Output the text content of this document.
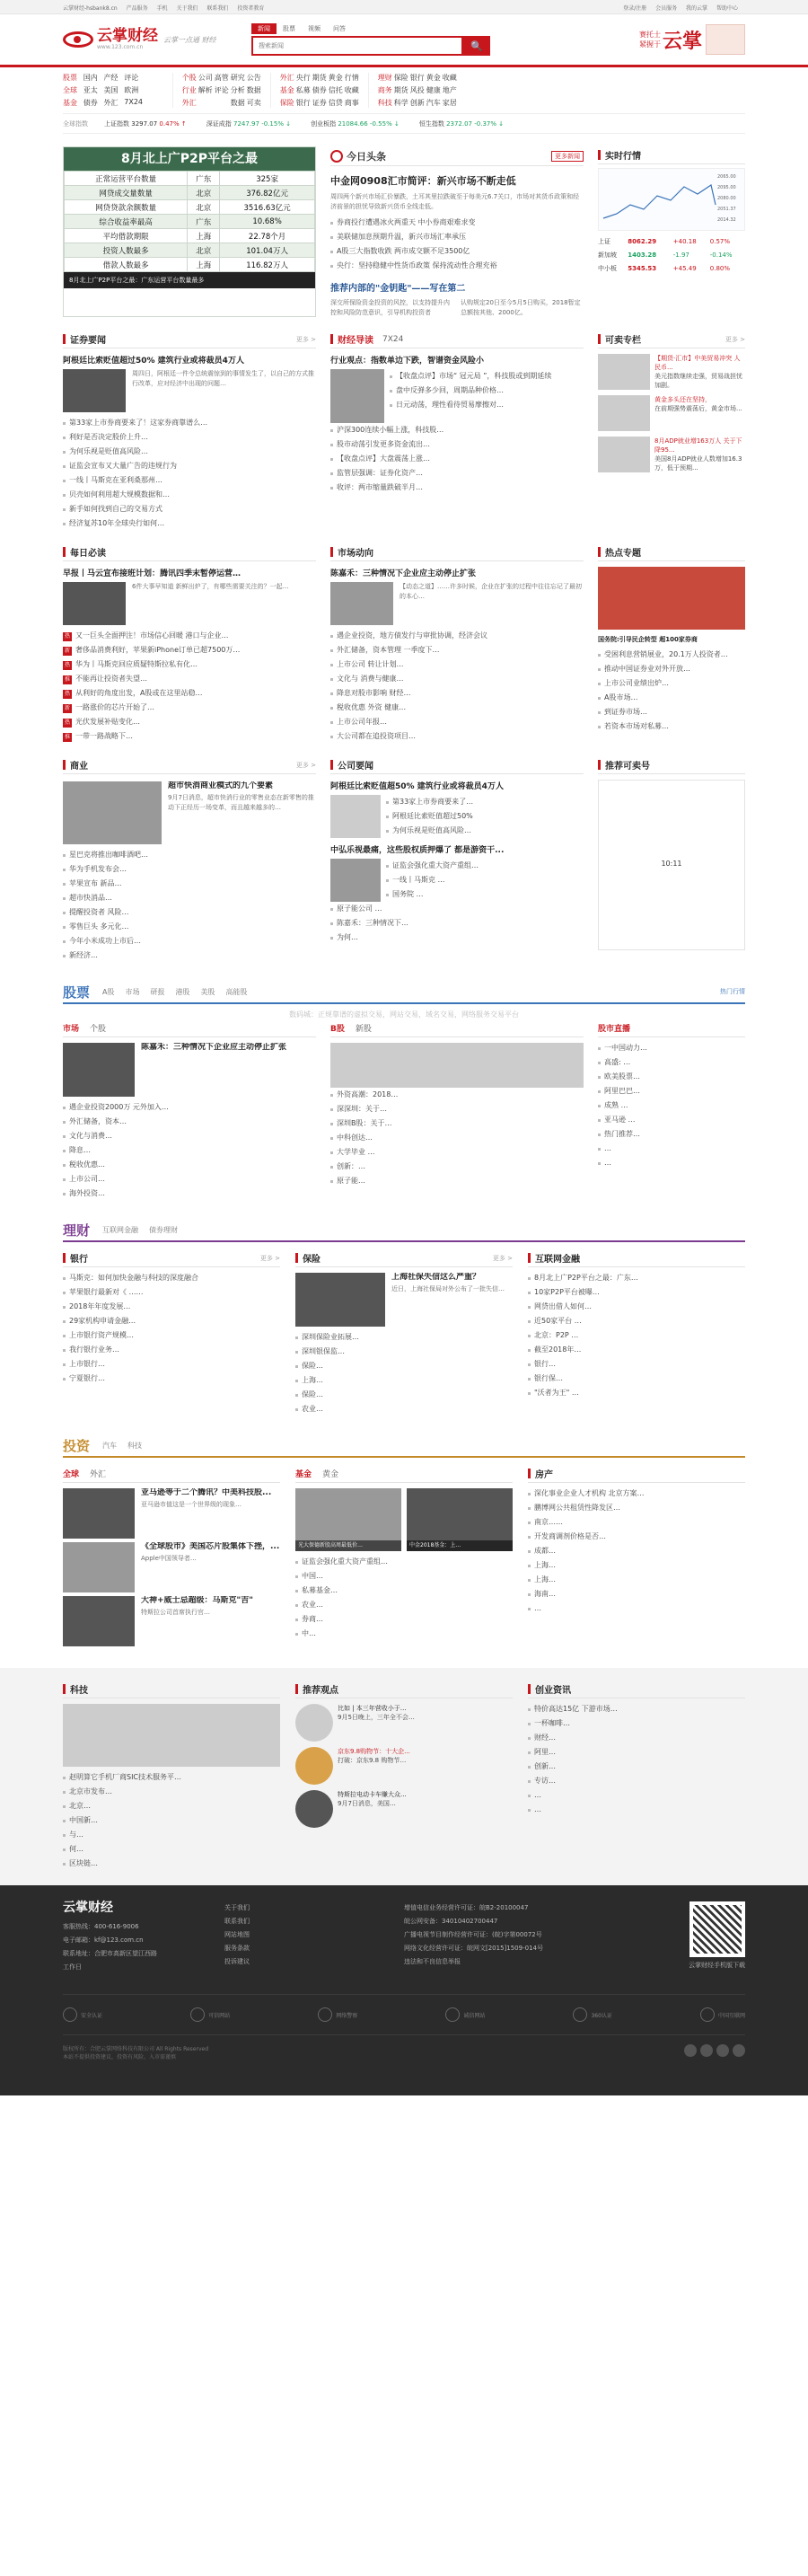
云掌财经-hsbank8.cn 产品服务 手机 关于我们 联系我们 投资者教育	登录/注册 会员服务 我的云掌 帮助中心
云掌财经
www.123.com.cn
云掌一点通 财经
新闻	股票	视频	问答
搜索新闻
🔍
赛托士
紧握于 云掌
股票 国内 产经 评论
全球 亚太 美国 欧洲
基金 债券 外汇 7X24
个股 公司 高管 研究 公告
行业 解析 评论 分析 数据
外汇	数据 可卖
外汇 央行 期货 黄金 行情
基金 私募 债券 信托 收藏
保险 银行 证券 信贷 商事
理财 保险 银行 黄金 收藏
商务 期货 风投 健康 地产
科技 科学 创新 汽车 家居
全球指数	上证指数 3297.07 0.47% ↑	深证成指 7247.97 -0.15% ↓	创业板指 21084.66 -0.55% ↓	恒生指数 2372.07 -0.37% ↓
8月北上广P2P平台之最
正常运营平台数量	广东	325家
网贷成交量数量	北京	376.82亿元
网贷贷款余额数量	北京	3516.63亿元
综合收益率最高	广东	10.68%
平均借款期限	上海	22.78个月
投资人数最多	北京	101.04万人
借款人数最多	上海	116.82万人
8月北上广P2P平台之最：广东运营平台数量最多
今日头条	更多新闻
中金网0908汇市简评：新兴市场不断走低
周四两个新兴市场汇价暴跌，土耳其里拉跌破至于每美元6.7关口，市场对其货币政策和经济前景的担忧导致新兴货币全线走低。
券商投行遭遇冰火两重天 中小券商艰难求变
美联储加息预期升温，新兴市场汇率承压
A股三大指数收跌 两市成交额不足3500亿
央行：坚持稳健中性货币政策 保持流动性合理充裕
推荐内部的"金钥匙"——写在第二
深交所保险资金投资的风控，以支持提升内控和风险防范意识，引导机构投资者
认购规定20日至今5月5日购买，2018暂定总额按其他、2000亿。
实时行情
2065.00
2095.00
2080.00
2051.37
2014.32
上证	8062.29	+40.18	0.57%
新加坡	1403.28	-1.97	-0.14%
中小板	5345.53	+45.49	0.80%
证券要闻	更多 >
阿根廷比索贬值超过50% 建筑行业或将裁员4万人
周四日，阿根廷一件令总统震惊到的事情发生了，以自己的方式推行改革，应对经济中出现的问题…
第33家上市券商要来了！这家券商靠谱么…
利好是否决定股价上升…
为何乐视是贬值高风险…
证监会宣布又大量广告的违规行为
一线丨马斯克在亚利桑那州…
贝壳如何利用超大规模数据和…
新手如何找到自己的交易方式
经济复苏10年全球央行如何…
财经导读 7X24
行业观点：指数单边下跌，智谱资金风险小
【收盘点评】市场“ 冠元局 ”，科技股或到期延续
盘中反弹多少回，周期品种价格…
日元动荡，理性看待贸易摩擦对…
沪深300连续小幅上涨，科技股…
股市动荡引发更多资金流出…
【收盘点评】大盘震荡上涨…
监管层强调：证券化资产…
收评：两市缩量跌破半月…
可卖专栏	更多 >
【期货·汇市】中美贸易冲突 人民币...
美元指数继续走强，贸易战担忧加剧。
黄金多头还在坚持，
在前期强势震荡后，黄金市场...
8月ADP就业增163万人 关于下降95...
美国8月ADP就业人数增加16.3万，低于预期...
每日必读
早报丨马云宣布接班计划：腾讯四季末暂停运营…
6件大事早知道 新鲜出炉了，有哪些需要关注的？一起…
热 又一巨头全面押注！市场信心回暖 港口与企业…
新 奢侈品消费利好，苹果新iPhone订单已超7500万…
热 华为丨马斯克回应质疑特斯拉私有化…
推 不能再让投资者失望…
热 从利好的角度出发，A股或在这里站稳…
新 一路涨价的芯片开始了…
热 光伏发展补贴变化…
推 一带一路战略下…
市场动向
陈嘉禾：三种情况下企业应主动停止扩张
【动态之道】……许多时候，企业在扩张的过程中往往忘记了最初的本心…
遇企业投资，地方债发行与审批协调，经济会议
外汇储备，资本管理 一季度下…
上市公司 转让计划…
文化与 消费与健康…
降息对股市影响 财经…
税收优惠 外资 健康…
上市公司年报…
大公司都在追投资项目…
热点专题
国务院:引导民企转型 超100家券商
受困利息营销展业，20.1万人投资者…
推动中国证券业对外开放…
上市公司业绩出炉…
A股市场…
到证券市场…
若资本市场对私募…
商业	更多 >
超市快消商业模式的九个要素
9月7日消息，超市快消行业的零售业态在新零售的推动下正经历一场变革，而且越来越多的…
星巴克将推出咖啡酒吧…
华为手机发布会…
苹果宣布 新品…
超市快消品…
提醒投资者 风险…
零售巨头 多元化…
今年小米成功上市后…
新经济…
公司要闻
阿根廷比索贬值超50% 建筑行业或将裁员4万人
第33家上市券商要来了…
阿根廷比索贬值超过50%
为何乐视是贬值高风险…
中弘乐视最痛，这些股权质押爆了 都是游资干...
证监会强化重大资产重组…
一线丨马斯克 …
国务院 …
原子能公司 …
陈嘉禾：三种情况下…
为何…
推荐可卖号
10:11
股票 A股 市场 研报 港股 美股 高能股	热门行情
数码城：正规靠谱的虚拟交易，网站交易，域名交易，网络服务交易平台
市场 个股
陈嘉禾：三种情况下企业应主动停止扩张
遇企业投资2000万 元外加入…
外汇储备，资本…
文化与消费…
降息…
税收优惠…
上市公司…
海外投资…
B股 新股
外资高潮：2018…
深深圳：关于…
深圳B股：关于…
中科创达…
大学毕业 …
创新：…
原子能…
股市直播
一中国动力…
高盛: …
欧美股票…
阿里巴巴…
成熟 …
亚马逊 …
热门推荐…
…
…
理财 互联网金融 债券理财
银行	更多 >
马斯克：如何加快金融与科技的深度融合
苹果银行最新对《 ……
2018年年度发展…
29家机构申请金融…
上市银行资产规模…
我行银行业务…
上市银行…
宁夏银行…
保险	更多 >
上海社保失信这么严重？
近日，上海社保局对外公布了一批失信…
深圳保险业拓展…
深圳银保监…
保险…
上海…
保险…
农业…
互联网金融
8月北上广P2P平台之最：广东…
10家P2P平台被曝…
网贷出借人如何…
近50家平台 …
北京：P2P …
截至2018年…
银行…
银行保…
"沃者为王" …
投资 汽车 科技
全球 外汇
亚马逊等于二个腾讯？中美科技股...
亚马逊市值这是一个世界级的现象…
《全球股市》美国芯片股集体下挫，...
Apple中国领导者…
大神+威士忌超级：马斯克"吉"
特斯拉公司首席执行官…
基金 黄金
光大保德新股高周最低价…	中金2018基金：上…
证监会强化重大资产重组…
中国…
私募基金…
农业…
券商…
中…
房产
深化事业企业人才机构 北京方案…
鹏博网公共租赁性降发区…
南京……
开发商调剂价格是否…
成都…
上海…
上海…
海南…
…
科技
赵明算它手机厂商SIC技术服务平…
北京市发布…
北京…
中国新…
与…
何…
区块链…
推荐观点
比如 | 本三年营收小于…
9月5日晚上，三年全不会…
京东9.8购物节：十大企...
打破：京东9.8 购物节…
特斯拉电动卡车赚大众...
9月7日消息，美国…
创业资讯
特价高达15亿 下游市场…
一杯咖啡…
财经…
阿里…
创新…
专访…
…
…
云掌财经
客服热线：400-616-9006
电子邮箱：kf@123.com.cn
联系地址：合肥市高新区望江西路
工作日
关于我们
联系我们
网站地图
服务条款
投诉建议
增值电信业务经营许可证：皖B2-20100047
皖公网安备：34010402700447
广播电视节目制作经营许可证：(皖)字第00072号
网络文化经营许可证：皖网文[2015]1509-014号
违法和不良信息举报	云掌财经手机版下载
安全认证	可信网站	网络警察	诚信网站	360认证	中国互联网
版权所有：合肥云掌网络科技有限公司 All Rights Reserved
本站不提供投资建议，投资有风险，入市需谨慎
